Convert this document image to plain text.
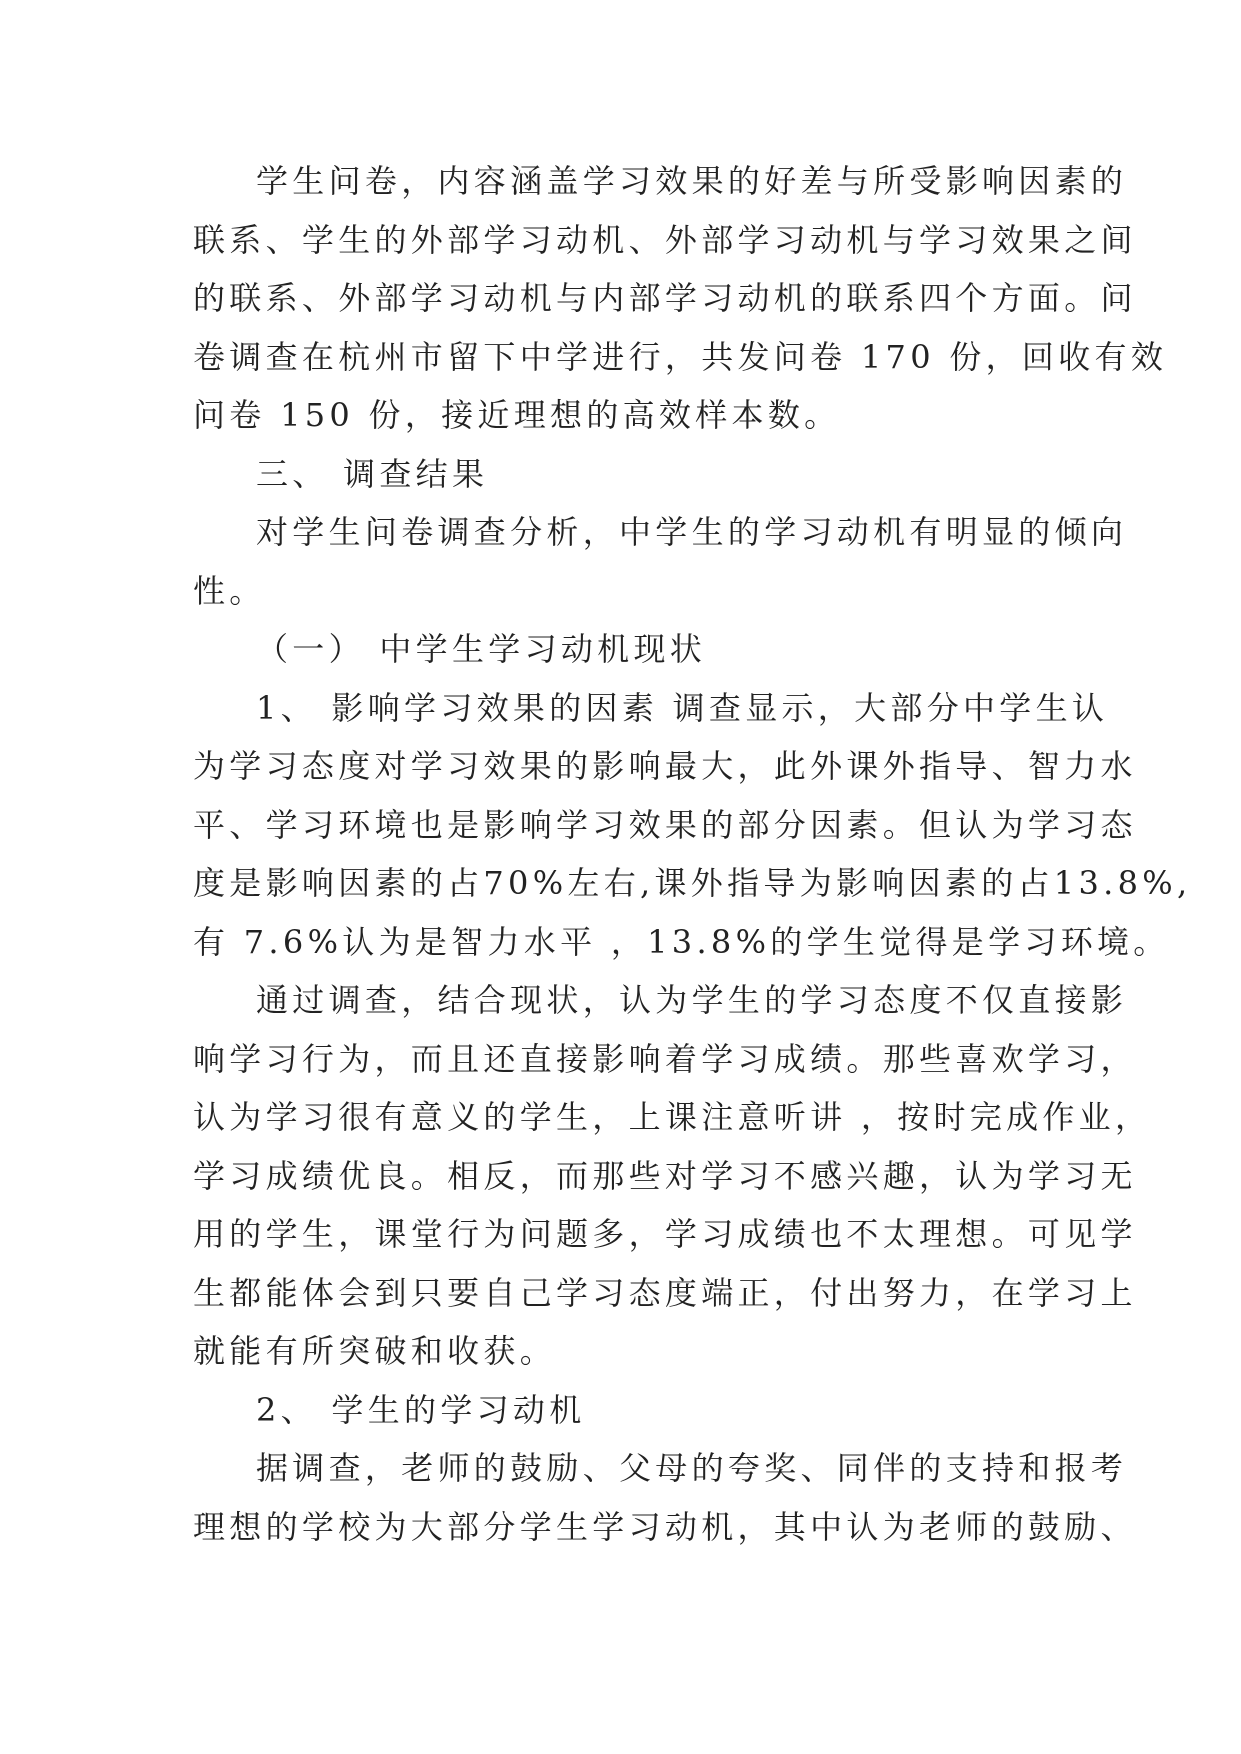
学生问卷，内容涵盖学习效果的好差与所受影响因素的
联系、学生的外部学习动机、外部学习动机与学习效果之间
的联系、外部学习动机与内部学习动机的联系四个方面。问
卷调查在杭州市留下中学进行，共发问卷 170 份，回收有效
问卷 150 份，接近理想的高效样本数。
三、 调查结果
对学生问卷调查分析，中学生的学习动机有明显的倾向
性。
（一） 中学生学习动机现状
1、 影响学习效果的因素 调查显示，大部分中学生认
为学习态度对学习效果的影响最大，此外课外指导、智力水
平、学习环境也是影响学习效果的部分因素。但认为学习态
度是影响因素的占70%左右,课外指导为影响因素的占13.8%,
有 7.6%认为是智力水平 ，13.8%的学生觉得是学习环境。
通过调查，结合现状，认为学生的学习态度不仅直接影
响学习行为，而且还直接影响着学习成绩。那些喜欢学习，
认为学习很有意义的学生，上课注意听讲 ，按时完成作业，
学习成绩优良。相反，而那些对学习不感兴趣，认为学习无
用的学生，课堂行为问题多，学习成绩也不太理想。可见学
生都能体会到只要自己学习态度端正，付出努力，在学习上
就能有所突破和收获。
2、 学生的学习动机
据调查，老师的鼓励、父母的夸奖、同伴的支持和报考
理想的学校为大部分学生学习动机，其中认为老师的鼓励、
